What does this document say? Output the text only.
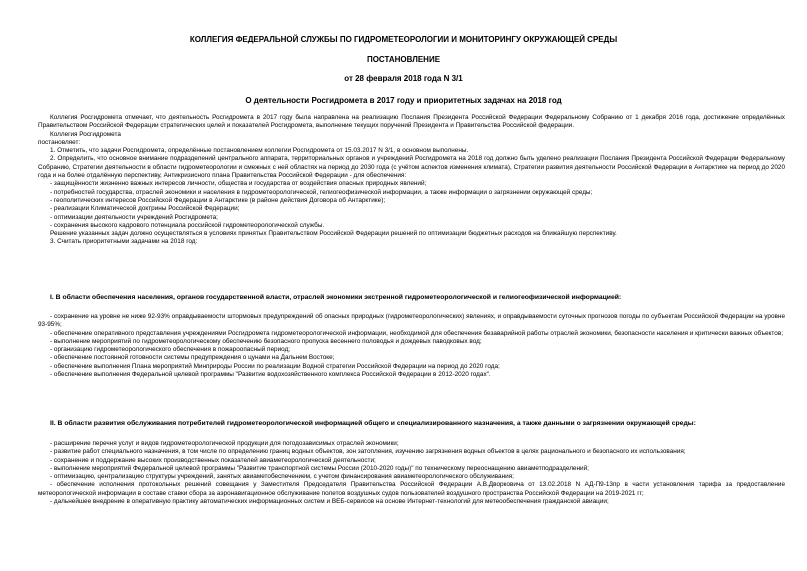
КОЛЛЕГИЯ ФЕДЕРАЛЬНОЙ СЛУЖБЫ ПО ГИДРОМЕТЕОРОЛОГИИ И МОНИТОРИНГУ ОКРУЖАЮЩЕЙ СРЕДЫ
ПОСТАНОВЛЕНИЕ
от 28 февраля 2018 года N 3/1
О деятельности Росгидромета в 2017 году и приоритетных задачах на 2018 год

Коллегия Росгидромета отмечает, что деятельность Росгидромета в 2017 году была направлена на реализацию Послания Президента Российской Федерации Федеральному Собранию от 1 декабря 2016 года, достижение определённых Правительством Российской Федерации стратегических целей и показателей Росгидромета, выполнение текущих поручений Президента и Правительства Российской федерации.

Коллегия Росгидромета

постановляет:

1. Отметить, что задачи Росгидромета, определённые постановлением коллегии Росгидромета от 15.03.2017 N 3/1, в основном выполнены.

2. Определить, что основное внимание подразделений центрального аппарата, территориальных органов и учреждений Росгидромета на 2018 год должно быть уделено реализации Послания Президента Российской Федерации Федеральному Собранию, Стратегии деятельности в области гидрометеорологии и смежных с ней областях на период до 2030 года (с учётом аспектов изменения климата), Стратегии развития деятельности Российской Федерации в Антарктике на период до 2020 года и на более отдалённую перспективу, Антикризисного плана Правительства Российской Федерации - для обеспечения:

- защищённости жизненно важных интересов личности, общества и государства от воздействия опасных природных явлений;

- потребностей государства, отраслей экономики и населения в гидрометеорологической, гелиогеофизической информации, а также информации о загрязнении окружающей среды;

- геополитических интересов Российской Федерации в Антарктике (в районе действия Договора об Антарктике);

- реализации Климатической доктрины Российской Федерации;

- оптимизации деятельности учреждений Росгидромета;

- сохранения высокого кадрового потенциала российской гидрометеорологической службы.

Решение указанных задач должно осуществляться в условиях принятых Правительством Российской Федерации решений по оптимизации бюджетных расходов на ближайшую перспективу.

3. Считать приоритетными задачами на 2018 год:

I. В области обеспечения населения, органов государственной власти, отраслей экономики экстренной гидрометеорологической и гелиогеофизической информацией:

- сохранение на уровне не ниже 92-93% оправдываемости штормовых предупреждений об опасных природных (гидрометеорологических) явлениях, и оправдываемости суточных прогнозов погоды по субъектам Российской Федерации на уровне 93-95%;

- обеспечение оперативного представления учреждениями Росгидромета гидрометеорологической информации, необходимой для обеспечения безаварийной работы отраслей экономики, безопасности населения и критически важных объектов;

- выполнение мероприятий по гидрометеорологическому обеспечению безопасного пропуска весеннего половодья и дождевых паводковых вод;

- организацию гидрометеорологического обеспечения в пожароопасный период;

- обеспечение постоянной готовности системы предупреждения о цунами на Дальнем Востоке;

- обеспечение выполнения Плана мероприятий Минприроды России по реализации Водной стратегии Российской Федерации на период до 2020 года;

- обеспечение выполнения Федеральной целевой программы "Развитие водохозяйственного комплекса Российской Федерации в 2012-2020 годах".

II. В области развития обслуживания потребителей гидрометеорологической информацией общего и специализированного назначения, а также данными о загрязнении окружающей среды:

- расширение перечня услуг и видов гидрометеорологической продукции для погодозависимых отраслей экономики;

- развитие работ специального назначения, в том числе по определению границ водных объектов, зон затопления, изучению загрязнения водных объектов в целях рационального и безопасного их использования;

- сохранение и поддержание высоких производственных показателей авиаметеорологической деятельности;

- выполнение мероприятий Федеральной целевой программы "Развитие транспортной системы России (2010-2020 годы)" по техническому переоснащению авиаметподразделений;

- оптимизацию, централизацию структуры учреждений, занятых авиаметобеспечением, с учетом финансирования авиаметеорологического обслуживания;

- обеспечение исполнения протокольных решений совещания у Заместителя Председателя Правительства Российской Федерации А.В.Дворковича от 13.02.2018 N АД-П9-13пр в части установления тарифа за предоставление метеорологической информации в составе ставки сбора за аэронавигационное обслуживание полетов воздушных судов пользователей воздушного пространства Российской Федерации на 2019-2021 гг;

- дальнейшее внедрение в оперативную практику автоматических информационных систем и ВЕБ-сервисов на основе Интернет-технологий для метеообеспечения гражданской авиации;
